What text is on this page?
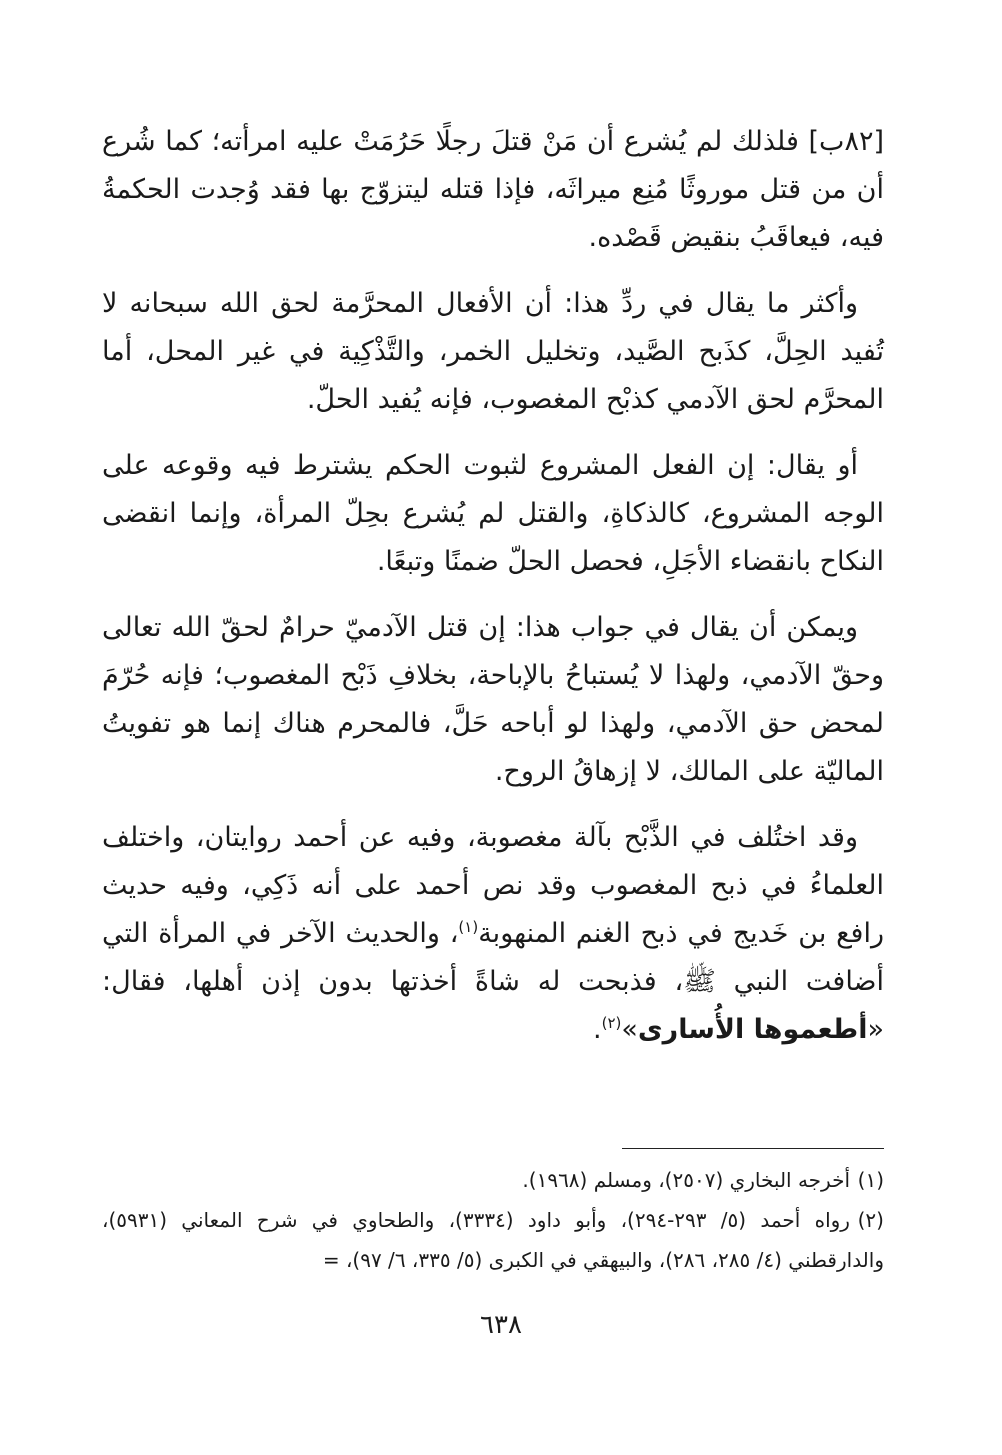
[٨٢ب] فلذلك لم يُشرع أن مَنْ قتلَ رجلًا حَرُمَتْ عليه امرأته؛ كما شُرع أن من قتل موروثًا مُنِع ميراثَه، فإذا قتله ليتزوّج بها فقد وُجدت الحكمةُ فيه، فيعاقَبُ بنقيض قَصْده.

وأكثر ما يقال في ردِّ هذا: أن الأفعال المحرَّمة لحق الله سبحانه لا تُفيد الحِلَّ، كذَبح الصَّيد، وتخليل الخمر، والتَّذْكِية في غير المحل، أما المحرَّم لحق الآدمي كذبْح المغصوب، فإنه يُفيد الحلّ.

أو يقال: إن الفعل المشروع لثبوت الحكم يشترط فيه وقوعه على الوجه المشروع، كالذكاةِ، والقتل لم يُشرع بحِلّ المرأة، وإنما انقضى النكاح بانقضاء الأجَلِ، فحصل الحلّ ضمنًا وتبعًا.

ويمكن أن يقال في جواب هذا: إن قتل الآدميّ حرامٌ لحقّ الله تعالى وحقّ الآدمي، ولهذا لا يُستباحُ بالإباحة، بخلافِ ذَبْح المغصوب؛ فإنه حُرّمَ لمحض حق الآدمي، ولهذا لو أباحه حَلَّ، فالمحرم هناك إنما هو تفويتُ الماليّة على المالك، لا إزهاقُ الروح.

وقد اختُلف في الذَّبْح بآلة مغصوبة، وفيه عن أحمد روايتان، واختلف العلماءُ في ذبح المغصوب وقد نص أحمد على أنه ذَكِي، وفيه حديث رافع بن خَديج في ذبح الغنم المنهوبة$^{(١)}$، والحديث الآخر في المرأة التي أضافت النبي ﷺ، فذبحت له شاةً أخذتها بدون إذن أهلها، فقال: «أطعموها الأُسارى»$^{(٢)}$.

(١)أخرجه البخاري (٢٥٠٧)، ومسلم (١٩٦٨).

(٢)رواه أحمد (٥/ ٢٩٣-٢٩٤)، وأبو داود (٣٣٣٤)، والطحاوي في شرح المعاني (٥٩٣١)، والدارقطني (٤/ ٢٨٥، ٢٨٦)، والبيهقي في الكبرى (٥/ ٣٣٥، ٦/ ٩٧)، =

٦٣٨
